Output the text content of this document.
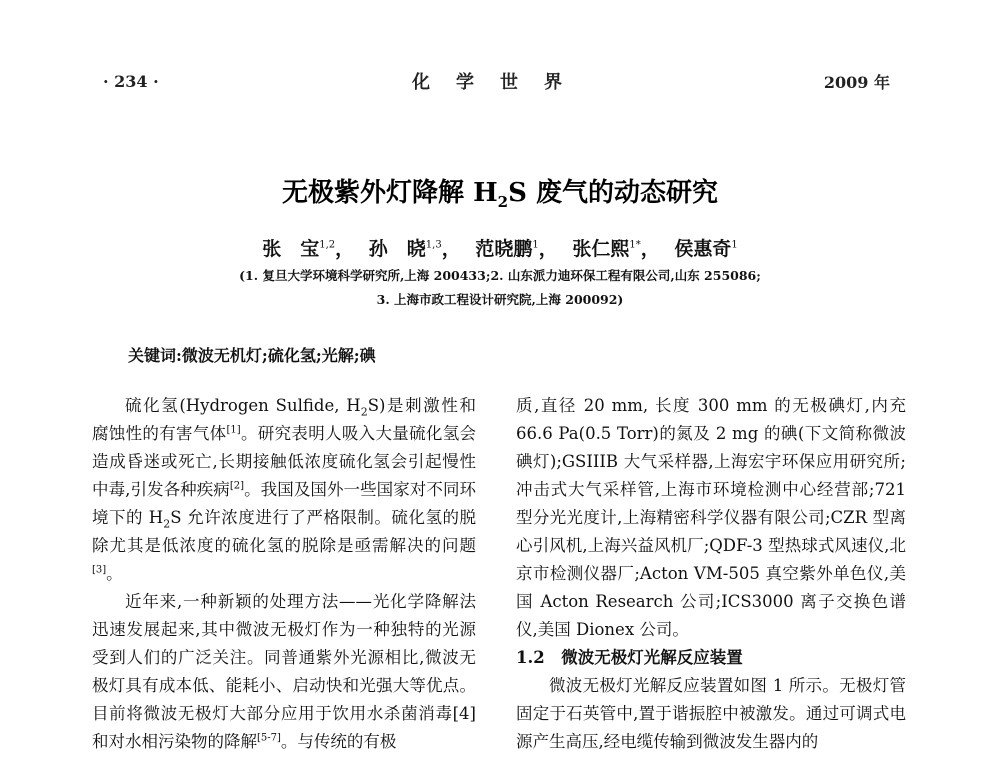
· 234 ·	化学世界	2009 年
无极紫外灯降解 $H_2S$ 废气的动态研究
张　宝$^{1,2}$， 孙　晓$^{1,3}$， 范晓鹏$^1$， 张仁熙$^{1*}$， 侯惠奇$^1$
(1. 复旦大学环境科学研究所,上海 200433;2. 山东派力迪环保工程有限公司,山东 255086;
3. 上海市政工程设计研究院,上海 200092)
关键词:微波无机灯;硫化氢;光解;碘

硫化氢(Hydrogen Sulfide, $H_2S$)是刺激性和腐蚀性的有害气体[1]。研究表明人吸入大量硫化氢会造成昏迷或死亡,长期接触低浓度硫化氢会引起慢性中毒,引发各种疾病[2]。我国及国外一些国家对不同环境下的 $H_2S$ 允许浓度进行了严格限制。硫化氢的脱除尤其是低浓度的硫化氢的脱除是亟需解决的问题[3]。

近年来,一种新颖的处理方法——光化学降解法迅速发展起来,其中微波无极灯作为一种独特的光源受到人们的广泛关注。同普通紫外光源相比,微波无极灯具有成本低、能耗小、启动快和光强大等优点。目前将微波无极灯大部分应用于饮用水杀菌消毒[4]和对水相污染物的降解[5-7]。与传统的有极

质,直径 20 mm, 长度 300 mm 的无极碘灯,内充 66.6 Pa(0.5 Torr)的氮及 2 mg 的碘(下文简称微波碘灯);GSIIIB 大气采样器,上海宏宇环保应用研究所;冲击式大气采样管,上海市环境检测中心经营部;721 型分光光度计,上海精密科学仪器有限公司;CZR 型离心引风机,上海兴益风机厂;QDF-3 型热球式风速仪,北京市检测仪器厂;Acton VM-505 真空紫外单色仪,美国 Acton Research 公司;ICS3000 离子交换色谱仪,美国 Dionex 公司。

1.2　微波无极灯光解反应装置

微波无极灯光解反应装置如图 1 所示。无极灯管固定于石英管中,置于谐振腔中被激发。通过可调式电源产生高压,经电缆传输到微波发生器内的
